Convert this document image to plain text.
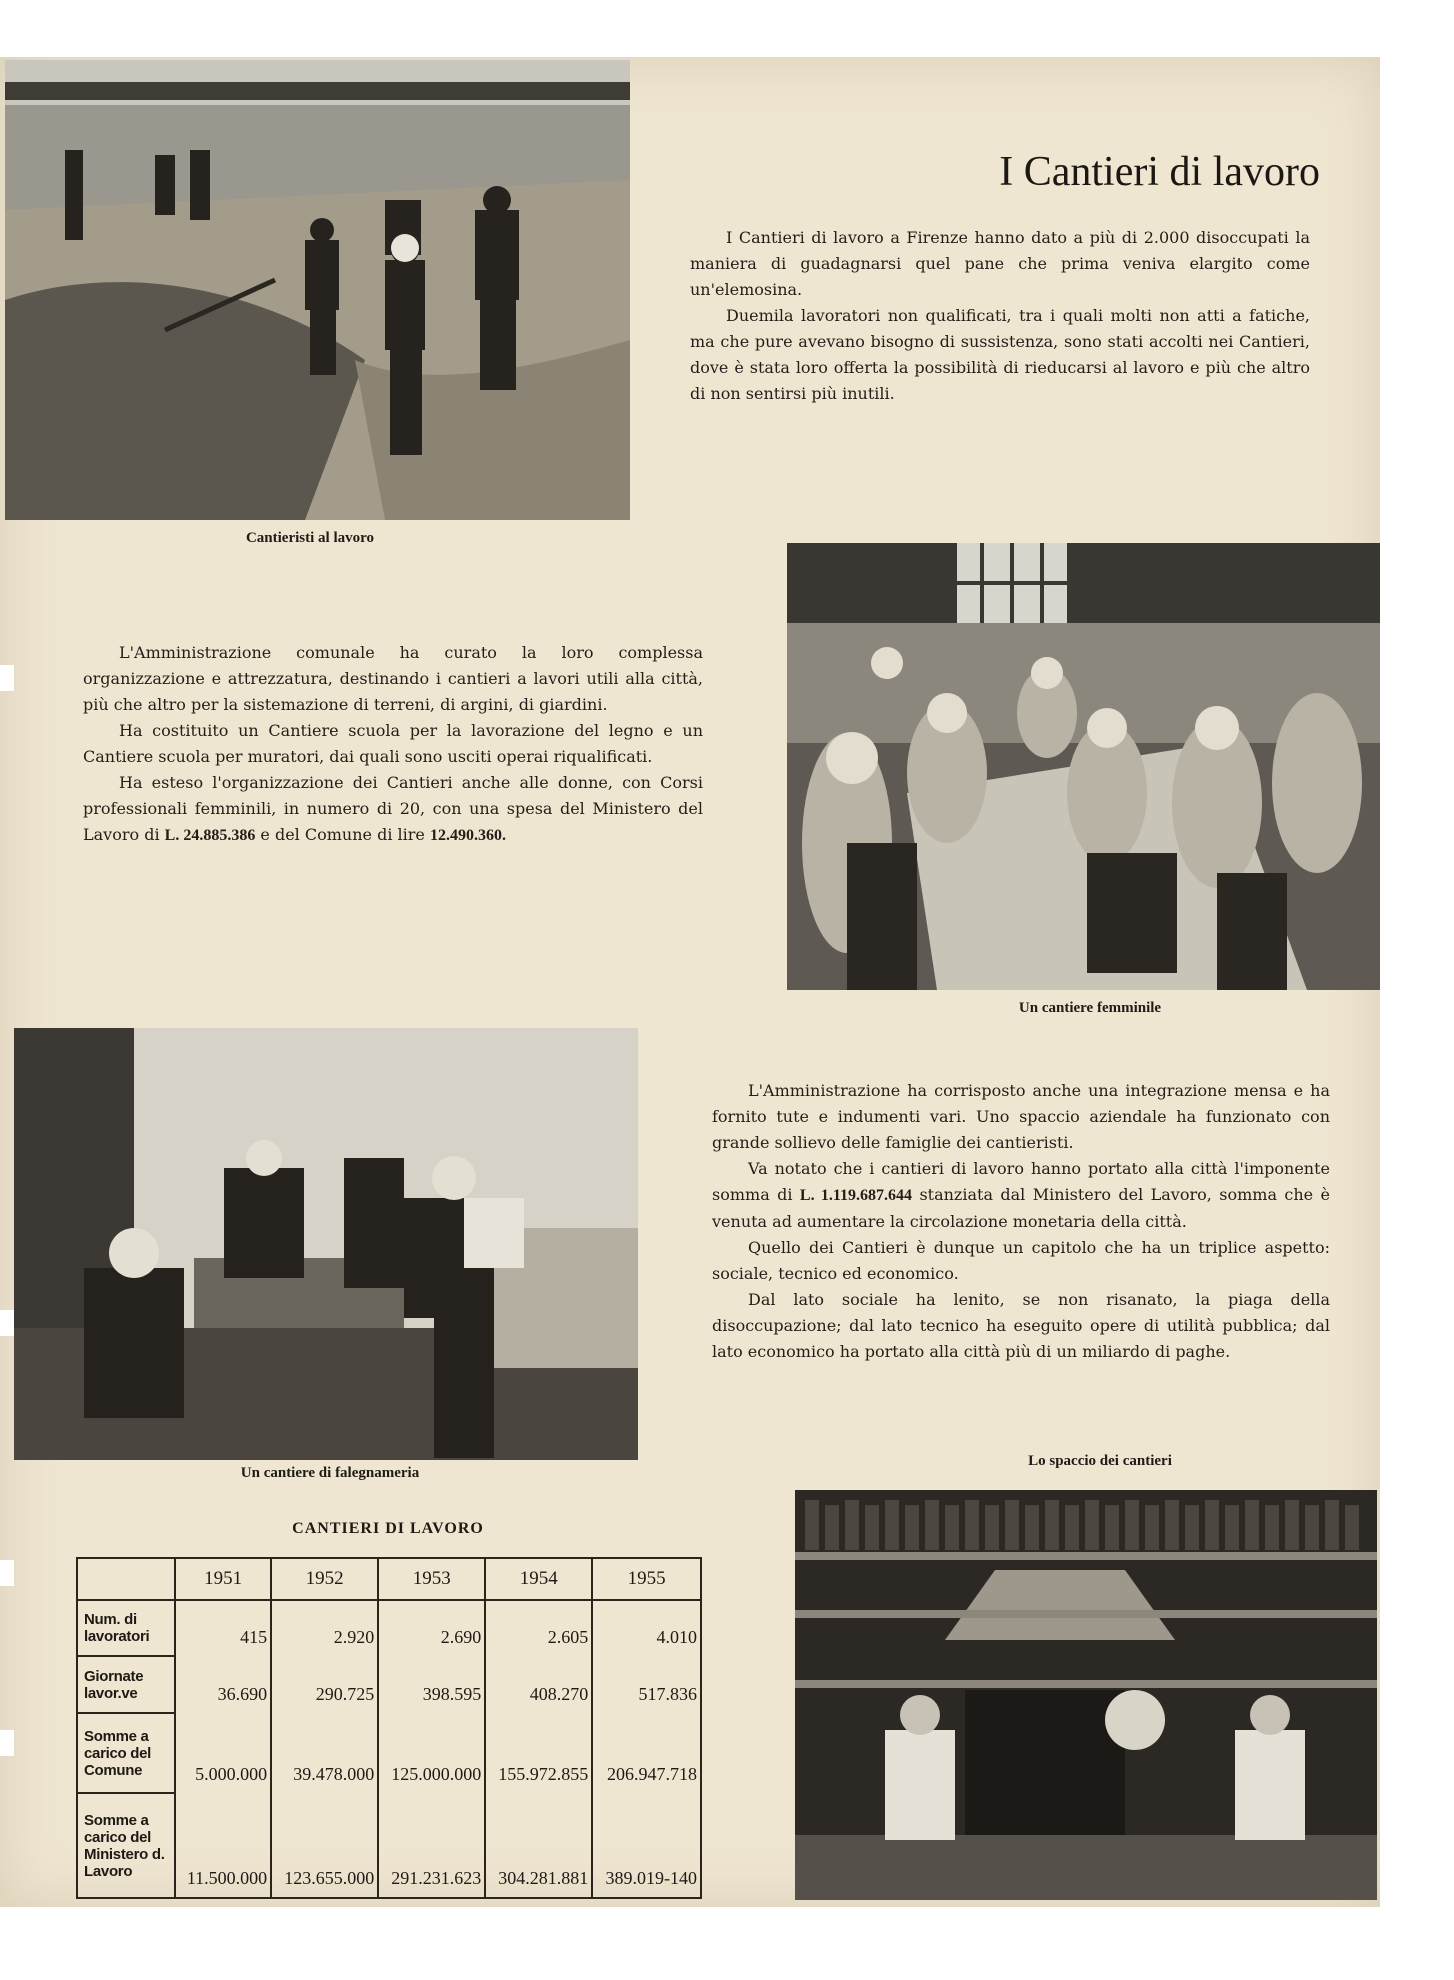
Cantieristi al lavoro
I Cantieri di lavoro

I Cantieri di lavoro a Firenze hanno dato a più di 2.000 disoccupati la maniera di guadagnarsi quel pane che prima veniva elargito come un'elemosina.

Duemila lavoratori non qualificati, tra i quali molti non atti a fatiche, ma che pure avevano bisogno di sussistenza, sono stati accolti nei Cantieri, dove è stata loro offerta la possibilità di rieducarsi al lavoro e più che altro di non sentirsi più inutili.

Un cantiere femminile

L'Amministrazione comunale ha curato la loro complessa organizzazione e attrezzatura, destinando i cantieri a lavori utili alla città, più che altro per la sistemazione di terreni, di argini, di giardini.

Ha costituito un Cantiere scuola per la lavorazione del legno e un Cantiere scuola per muratori, dai quali sono usciti operai riqualificati.

Ha esteso l'organizzazione dei Cantieri anche alle donne, con Corsi professionali femminili, in numero di 20, con una spesa del Ministero del Lavoro di L. 24.885.386 e del Comune di lire 12.490.360.

Un cantiere di falegnameria

L'Amministrazione ha corrisposto anche una integrazione mensa e ha fornito tute e indumenti vari. Uno spaccio aziendale ha funzionato con grande sollievo delle famiglie dei cantieristi.

Va notato che i cantieri di lavoro hanno portato alla città l'imponente somma di L. 1.119.687.644 stanziata dal Ministero del Lavoro, somma che è venuta ad aumentare la circolazione monetaria della città.

Quello dei Cantieri è dunque un capitolo che ha un triplice aspetto: sociale, tecnico ed economico.

Dal lato sociale ha lenito, se non risanato, la piaga della disoccupazione; dal lato tecnico ha eseguito opere di utilità pubblica; dal lato economico ha portato alla città più di un miliardo di paghe.

Lo spaccio dei cantieri
CANTIERI DI LAVORO
	1951	1952	1953	1954	1955
Num. di lavoratori	415	2.920	2.690	2.605	4.010
Giornate lavor.ve	36.690	290.725	398.595	408.270	517.836
Somme a carico del Comune	5.000.000	39.478.000	125.000.000	155.972.855	206.947.718
Somme a carico del Ministero d. Lavoro	11.500.000	123.655.000	291.231.623	304.281.881	389.019-140
